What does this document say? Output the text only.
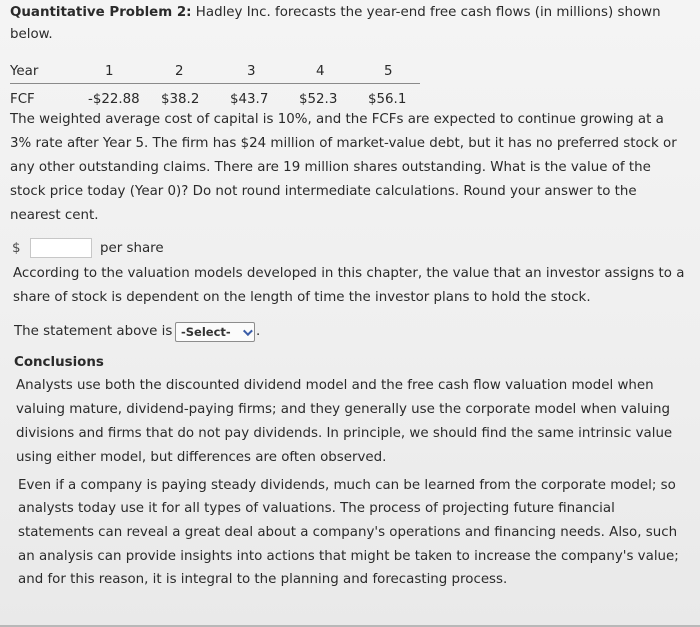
Quantitative Problem 2: Hadley Inc. forecasts the year-end free cash flows (in millions) shown
below.
Year	1	2	3	4	5
FCF	-$22.88 $38.2 $43.7 $52.3 $56.1
The weighted average cost of capital is 10%, and the FCFs are expected to continue growing at a
3% rate after Year 5. The firm has $24 million of market-value debt, but it has no preferred stock or
any other outstanding claims. There are 19 million shares outstanding. What is the value of the
stock price today (Year 0)? Do not round intermediate calculations. Round your answer to the
nearest cent.
$	per share
According to the valuation models developed in this chapter, the value that an investor assigns to a
share of stock is dependent on the length of time the investor plans to hold the stock.
The statement above is -Select- .
Conclusions
Analysts use both the discounted dividend model and the free cash flow valuation model when
valuing mature, dividend-paying firms; and they generally use the corporate model when valuing
divisions and firms that do not pay dividends. In principle, we should find the same intrinsic value
using either model, but differences are often observed.
Even if a company is paying steady dividends, much can be learned from the corporate model; so
analysts today use it for all types of valuations. The process of projecting future financial
statements can reveal a great deal about a company's operations and financing needs. Also, such
an analysis can provide insights into actions that might be taken to increase the company's value;
and for this reason, it is integral to the planning and forecasting process.
